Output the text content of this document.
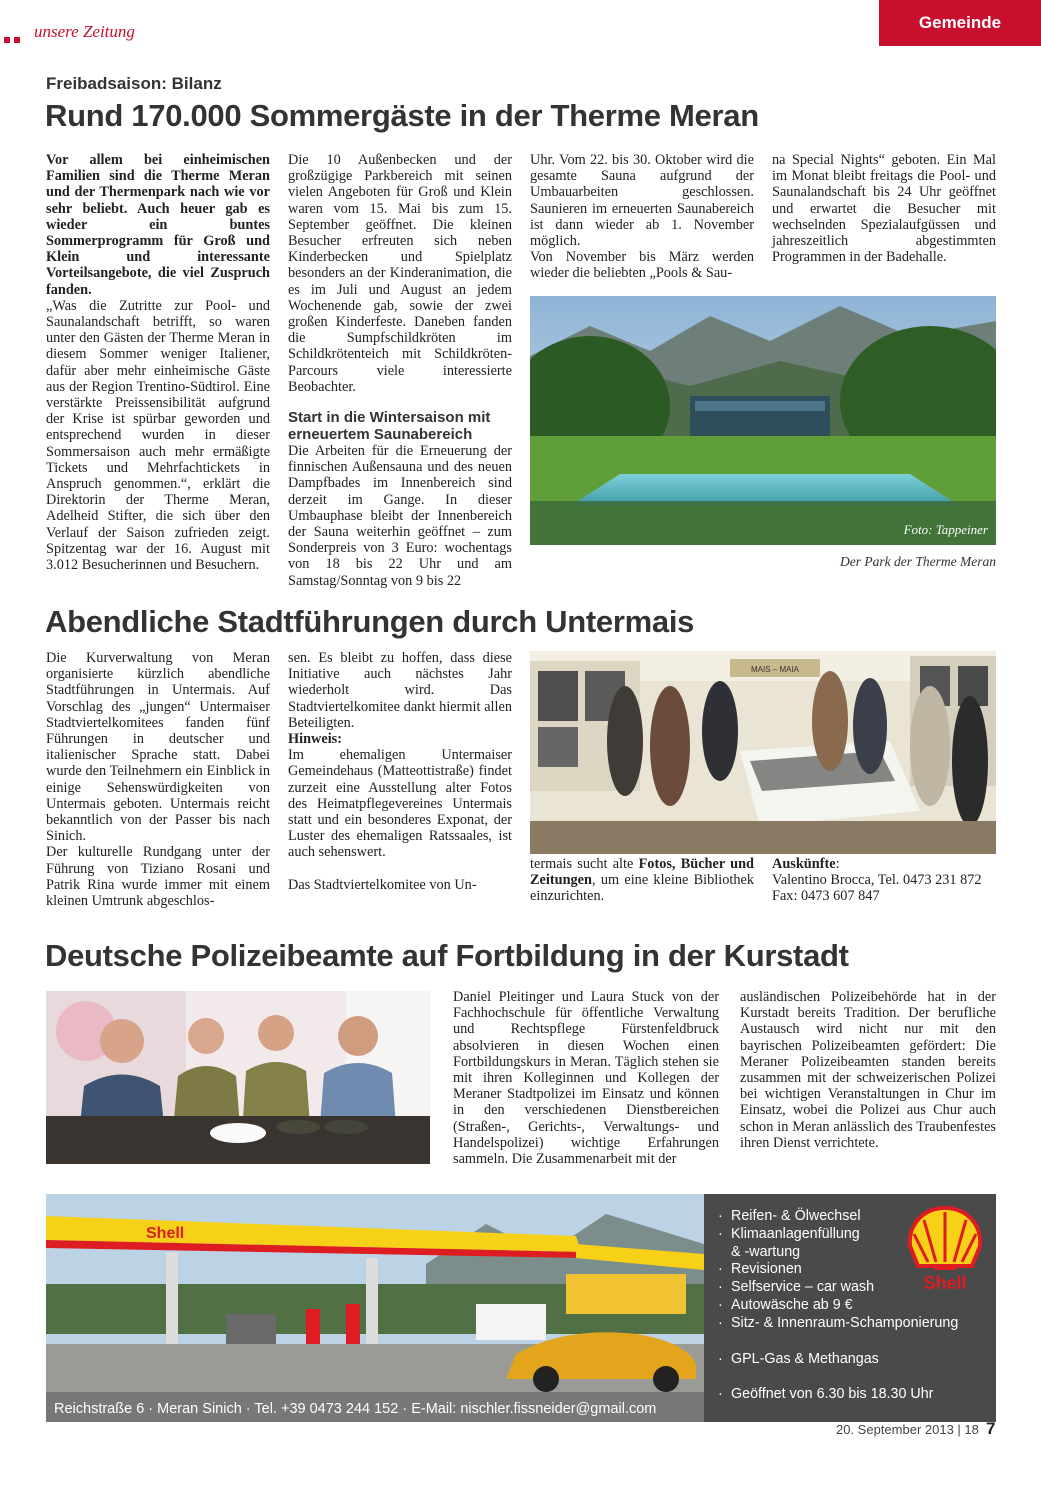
unsere Zeitung	Gemeinde
Freibadsaison: Bilanz
Rund 170.000 Sommergäste in der Therme Meran

Vor allem bei einheimischen Familien sind die Therme Meran und der Thermenpark nach wie vor sehr beliebt. Auch heuer gab es wieder ein buntes Sommerprogramm für Groß und Klein und interessante Vorteilsangebote, die viel Zuspruch fanden.

„Was die Zutritte zur Pool- und Saunalandschaft betrifft, so waren unter den Gästen der Therme Meran in diesem Sommer weniger Italiener, dafür aber mehr einheimische Gäste aus der Region Trentino-Südtirol. Eine verstärkte Preissensibilität aufgrund der Krise ist spürbar geworden und entsprechend wurden in dieser Sommersaison auch mehr ermäßigte Tickets und Mehrfachtickets in Anspruch genommen.“, erklärt die Direktorin der Therme Meran, Adelheid Stifter, die sich über den Verlauf der Saison zufrieden zeigt. Spitzentag war der 16. August mit 3.012 Besucherinnen und Besuchern.

Die 10 Außenbecken und der großzügige Parkbereich mit seinen vielen Angeboten für Groß und Klein waren vom 15. Mai bis zum 15. September geöffnet. Die kleinen Besucher erfreuten sich neben Kinderbecken und Spielplatz besonders an der Kinderanimation, die es im Juli und August an jedem Wochenende gab, sowie der zwei großen Kinderfeste. Daneben fanden die Sumpfschildkröten im Schildkrötenteich mit Schildkröten-Parcours viele interessierte Beobachter.

Start in die Wintersaison mit erneuertem Saunabereich

Die Arbeiten für die Erneuerung der finnischen Außensauna und des neuen Dampfbades im Innenbereich sind derzeit im Gange. In dieser Umbauphase bleibt der Innenbereich der Sauna weiterhin geöffnet – zum Sonderpreis von 3 Euro: wochentags von 18 bis 22 Uhr und am Samstag/Sonntag von 9 bis 22

Uhr. Vom 22. bis 30. Oktober wird die gesamte Sauna aufgrund der Umbauarbeiten geschlossen. Saunieren im erneuerten Saunabereich ist dann wieder ab 1. November möglich.

Von November bis März werden wieder die beliebten „Pools & Sau-

na Special Nights“ geboten. Ein Mal im Monat bleibt freitags die Pool- und Saunalandschaft bis 24 Uhr geöffnet und erwartet die Besucher mit wechselnden Spezialaufgüssen und jahreszeitlich abgestimmten Programmen in der Badehalle.

Foto: Tappeiner
Der Park der Therme Meran
Abendliche Stadtführungen durch Untermais

Die Kurverwaltung von Meran organisierte kürzlich abendliche Stadtführungen in Untermais. Auf Vorschlag des „jungen“ Untermaiser Stadtviertelkomitees fanden fünf Führungen in deutscher und italienischer Sprache statt. Dabei wurde den Teilnehmern ein Einblick in einige Sehenswürdigkeiten von Untermais geboten. Untermais reicht bekanntlich von der Passer bis nach Sinich.

Der kulturelle Rundgang unter der Führung von Tiziano Rosani und Patrik Rina wurde immer mit einem kleinen Umtrunk abgeschlos-

sen. Es bleibt zu hoffen, dass diese Initiative auch nächstes Jahr wiederholt wird. Das Stadtviertelkomitee dankt hiermit allen Beteiligten.

Hinweis:

Im ehemaligen Untermaiser Gemeindehaus (Matteottistraße) findet zurzeit eine Ausstellung alter Fotos des Heimatpflegevereines Untermais statt und ein besonderes Exponat, der Luster des ehemaligen Ratssaales, ist auch sehenswert.

Das Stadtviertelkomitee von Un-

MAIS – MAIA

termais sucht alte Fotos, Bücher und Zeitungen, um eine kleine Bibliothek einzurichten.

Auskünfte:

Valentino Brocca, Tel. 0473 231 872

Fax: 0473 607 847

Deutsche Polizeibeamte auf Fortbildung in der Kurstadt

Daniel Pleitinger und Laura Stuck von der Fachhochschule für öffentliche Verwaltung und Rechtspflege Fürstenfeldbruck absolvieren in diesen Wochen einen Fortbildungskurs in Meran. Täglich stehen sie mit ihren Kolleginnen und Kollegen der Meraner Stadtpolizei im Einsatz und können in den verschiedenen Dienstbereichen (Straßen-, Gerichts-, Verwaltungs- und Handelspolizei) wichtige Erfahrungen sammeln. Die Zusammenarbeit mit der

ausländischen Polizeibehörde hat in der Kurstadt bereits Tradition. Der berufliche Austausch wird nicht nur mit den bayrischen Polizeibeamten gefördert: Die Meraner Polizeibeamten standen bereits zusammen mit der schweizerischen Polizei bei wichtigen Veranstaltungen in Chur im Einsatz, wobei die Polizei aus Chur auch schon in Meran anlässlich des Traubenfestes ihren Dienst verrichtete.

Shell
Reichstraße 6 · Meran Sinich · Tel. +39 0473 244 152 · E-Mail: nischler.fissneider@gmail.com
· Reifen- & Ölwechsel
· Klimaanlagenfüllung
& -wartung
· Revisionen
· Selfservice – car wash
· Autowäsche ab 9 €
· Sitz- & Innenraum-Schamponierung
· GPL-Gas & Methangas
· Geöffnet von 6.30 bis 18.30 Uhr
Shell
20. September 2013 | 18 7
